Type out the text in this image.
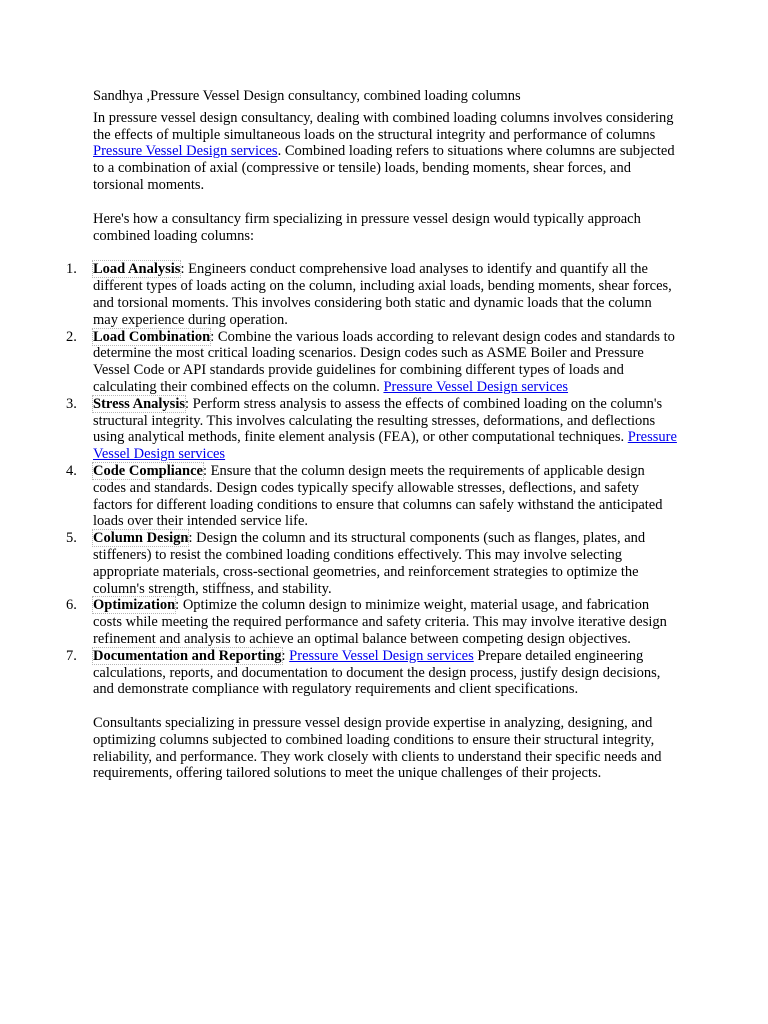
Sandhya ,Pressure Vessel Design consultancy, combined loading columns

In pressure vessel design consultancy, dealing with combined loading columns involves considering the effects of multiple simultaneous loads on the structural integrity and performance of columns Pressure Vessel Design services. Combined loading refers to situations where columns are subjected to a combination of axial (compressive or tensile) loads, bending moments, shear forces, and torsional moments.

Here's how a consultancy firm specializing in pressure vessel design would typically approach combined loading columns:

1. Load Analysis: Engineers conduct comprehensive load analyses to identify and quantify all the different types of loads acting on the column, including axial loads, bending moments, shear forces, and torsional moments. This involves considering both static and dynamic loads that the column may experience during operation.
2. Load Combination: Combine the various loads according to relevant design codes and standards to determine the most critical loading scenarios. Design codes such as ASME Boiler and Pressure Vessel Code or API standards provide guidelines for combining different types of loads and calculating their combined effects on the column. Pressure Vessel Design services
3. Stress Analysis: Perform stress analysis to assess the effects of combined loading on the column's structural integrity. This involves calculating the resulting stresses, deformations, and deflections using analytical methods, finite element analysis (FEA), or other computational techniques. Pressure Vessel Design services
4. Code Compliance: Ensure that the column design meets the requirements of applicable design codes and standards. Design codes typically specify allowable stresses, deflections, and safety factors for different loading conditions to ensure that columns can safely withstand the anticipated loads over their intended service life.
5. Column Design: Design the column and its structural components (such as flanges, plates, and stiffeners) to resist the combined loading conditions effectively. This may involve selecting appropriate materials, cross-sectional geometries, and reinforcement strategies to optimize the column's strength, stiffness, and stability.
6. Optimization: Optimize the column design to minimize weight, material usage, and fabrication costs while meeting the required performance and safety criteria. This may involve iterative design refinement and analysis to achieve an optimal balance between competing design objectives.
7. Documentation and Reporting: Pressure Vessel Design services Prepare detailed engineering calculations, reports, and documentation to document the design process, justify design decisions, and demonstrate compliance with regulatory requirements and client specifications.

Consultants specializing in pressure vessel design provide expertise in analyzing, designing, and optimizing columns subjected to combined loading conditions to ensure their structural integrity, reliability, and performance. They work closely with clients to understand their specific needs and requirements, offering tailored solutions to meet the unique challenges of their projects.
